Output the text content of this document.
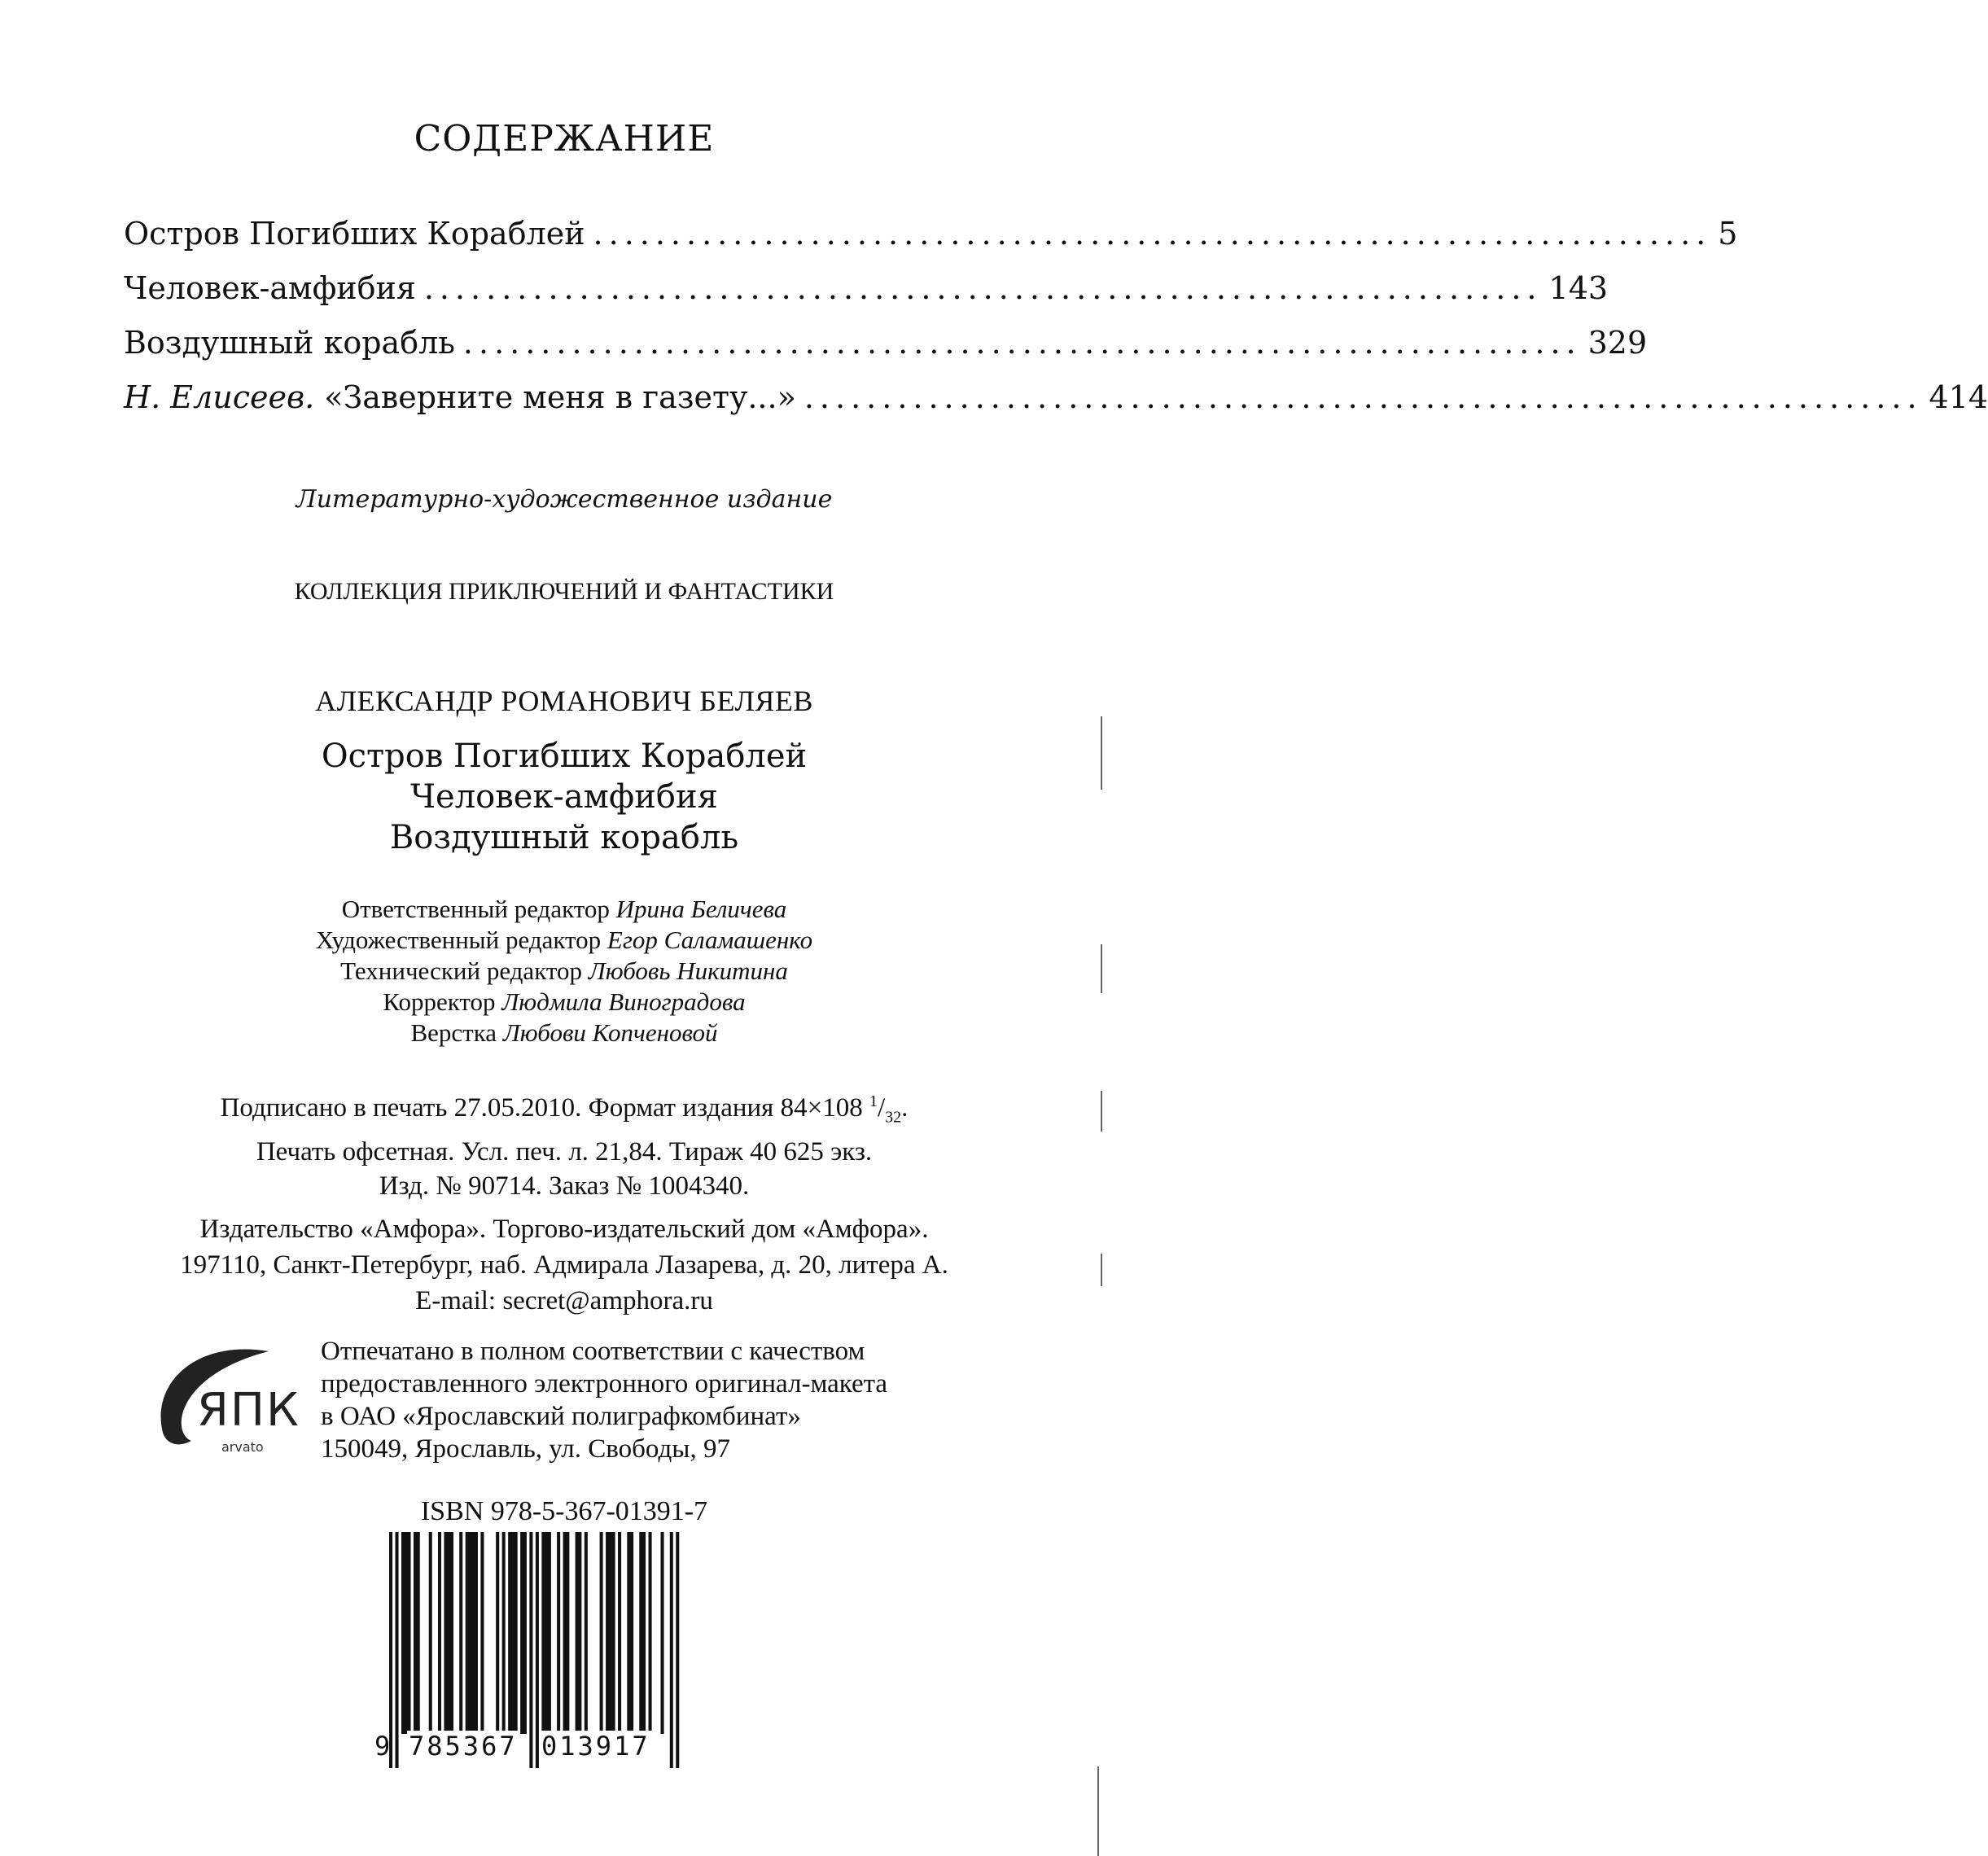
СОДЕРЖАНИЕ
Остров Погибших Кораблей ........................................................................ 5
Человек-амфибия ........................................................................ 143
Воздушный корабль ........................................................................ 329
Н. Елисеев. «Заверните меня в газету...» ........................................................................ 414
Литературно-художественное издание
КОЛЛЕКЦИЯ ПРИКЛЮЧЕНИЙ И ФАНТАСТИКИ
АЛЕКСАНДР РОМАНОВИЧ БЕЛЯЕВ
Остров Погибших Кораблей
Человек-амфибия
Воздушный корабль
Ответственный редактор Ирина Беличева
Художественный редактор Егор Саламашенко
Технический редактор Любовь Никитина
Корректор Людмила Виноградова
Верстка Любови Копченовой
Подписано в печать 27.05.2010. Формат издания 84×108 $^1/_{32}$.
Печать офсетная. Усл. печ. л. 21,84. Тираж 40 625 экз.
Изд. № 90714. Заказ № 1004340.
Издательство «Амфора». Торгово-издательский дом «Амфора».
197110, Санкт-Петербург, наб. Адмирала Лазарева, д. 20, литера А.
E-mail: secret@amphora.ru
ЯПК
arvato
Отпечатано в полном соответствии с качеством
предоставленного электронного оригинал-макета
в ОАО «Ярославский полиграфкомбинат»
150049, Ярославль, ул. Свободы, 97
ISBN 978-5-367-01391-7
9 785367 013917
